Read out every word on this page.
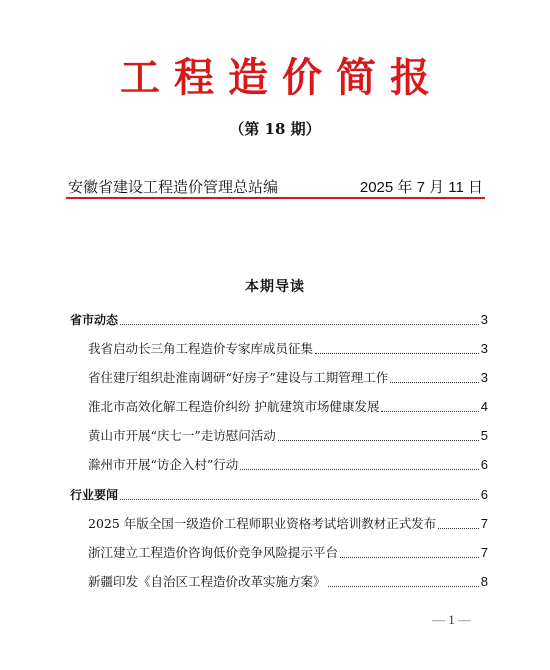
工程造价简报
（第 18 期）
安徽省建设工程造价管理总站编	2025 年 7 月 11 日
本期导读
省市动态	3
我省启动长三角工程造价专家库成员征集	3
省住建厅组织赴淮南调研“好房子”建设与工期管理工作	3
淮北市高效化解工程造价纠纷 护航建筑市场健康发展	4
黄山市开展“庆七一”走访慰问活动	5
滁州市开展“访企入村”行动	6
行业要闻	6
2025 年版全国一级造价工程师职业资格考试培训教材正式发布	7
浙江建立工程造价咨询低价竞争风险提示平台	7
新疆印发《自治区工程造价改革实施方案》	8
— 1 —
